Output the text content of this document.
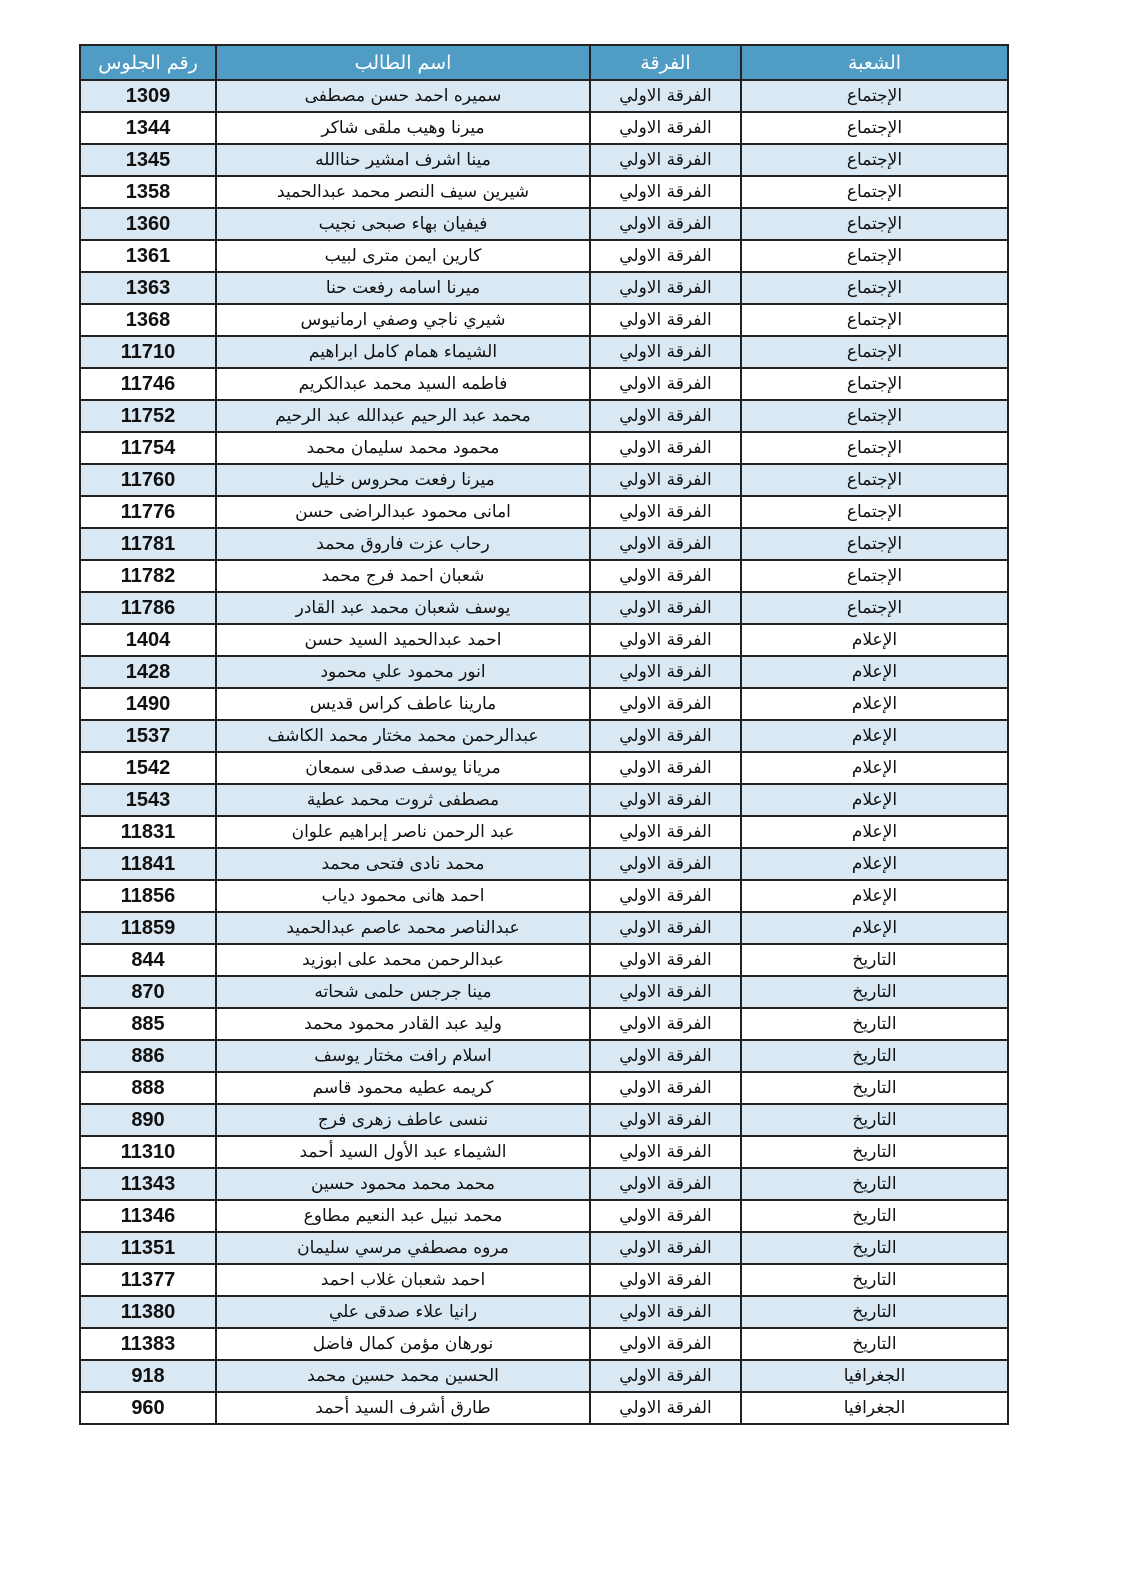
رقم الجلوس	اسم الطالب	الفرقة	الشعبة
1309	سميره احمد حسن مصطفى	الفرقة الاولي	الإجتماع
1344	ميرنا وهيب ملقى شاكر	الفرقة الاولي	الإجتماع
1345	مينا اشرف امشير حناالله	الفرقة الاولي	الإجتماع
1358	شيرين سيف النصر محمد عبدالحميد	الفرقة الاولي	الإجتماع
1360	فيفيان بهاء صبحى نجيب	الفرقة الاولي	الإجتماع
1361	كارين ايمن مترى لبيب	الفرقة الاولي	الإجتماع
1363	ميرنا اسامه رفعت حنا	الفرقة الاولي	الإجتماع
1368	شيري ناجي وصفي ارمانيوس	الفرقة الاولي	الإجتماع
11710	الشيماء همام كامل ابراهيم	الفرقة الاولي	الإجتماع
11746	فاطمه السيد محمد عبدالكريم	الفرقة الاولي	الإجتماع
11752	محمد عبد الرحيم عبدالله عبد الرحيم	الفرقة الاولي	الإجتماع
11754	محمود محمد سليمان محمد	الفرقة الاولي	الإجتماع
11760	ميرنا رفعت محروس خليل	الفرقة الاولي	الإجتماع
11776	امانى محمود عبدالراضى حسن	الفرقة الاولي	الإجتماع
11781	رحاب عزت فاروق محمد	الفرقة الاولي	الإجتماع
11782	شعبان احمد فرج محمد	الفرقة الاولي	الإجتماع
11786	يوسف شعبان محمد عبد القادر	الفرقة الاولي	الإجتماع
1404	احمد عبدالحميد السيد حسن	الفرقة الاولي	الإعلام
1428	انور محمود علي محمود	الفرقة الاولي	الإعلام
1490	مارينا عاطف كراس قديس	الفرقة الاولي	الإعلام
1537	عبدالرحمن محمد مختار محمد الكاشف	الفرقة الاولي	الإعلام
1542	مريانا يوسف صدقى سمعان	الفرقة الاولي	الإعلام
1543	مصطفى ثروت محمد عطية	الفرقة الاولي	الإعلام
11831	عبد الرحمن ناصر إبراهيم علوان	الفرقة الاولي	الإعلام
11841	محمد نادى فتحى محمد	الفرقة الاولي	الإعلام
11856	احمد هانى محمود دياب	الفرقة الاولي	الإعلام
11859	عبدالناصر محمد عاصم عبدالحميد	الفرقة الاولي	الإعلام
844	عبدالرحمن محمد على ابوزيد	الفرقة الاولي	التاريخ
870	مينا جرجس حلمى شحاته	الفرقة الاولي	التاريخ
885	وليد عبد القادر محمود محمد	الفرقة الاولي	التاريخ
886	اسلام رافت مختار يوسف	الفرقة الاولي	التاريخ
888	كريمه عطيه محمود قاسم	الفرقة الاولي	التاريخ
890	ننسى عاطف زهرى فرج	الفرقة الاولي	التاريخ
11310	الشيماء عبد الأول السيد أحمد	الفرقة الاولي	التاريخ
11343	محمد محمد محمود حسين	الفرقة الاولي	التاريخ
11346	محمد نبيل عبد النعيم مطاوع	الفرقة الاولي	التاريخ
11351	مروه مصطفي مرسي سليمان	الفرقة الاولي	التاريخ
11377	احمد شعبان غلاب احمد	الفرقة الاولي	التاريخ
11380	رانيا علاء صدقى علي	الفرقة الاولي	التاريخ
11383	نورهان مؤمن كمال فاضل	الفرقة الاولي	التاريخ
918	الحسين محمد حسين محمد	الفرقة الاولي	الجغرافيا
960	طارق أشرف السيد أحمد	الفرقة الاولي	الجغرافيا
